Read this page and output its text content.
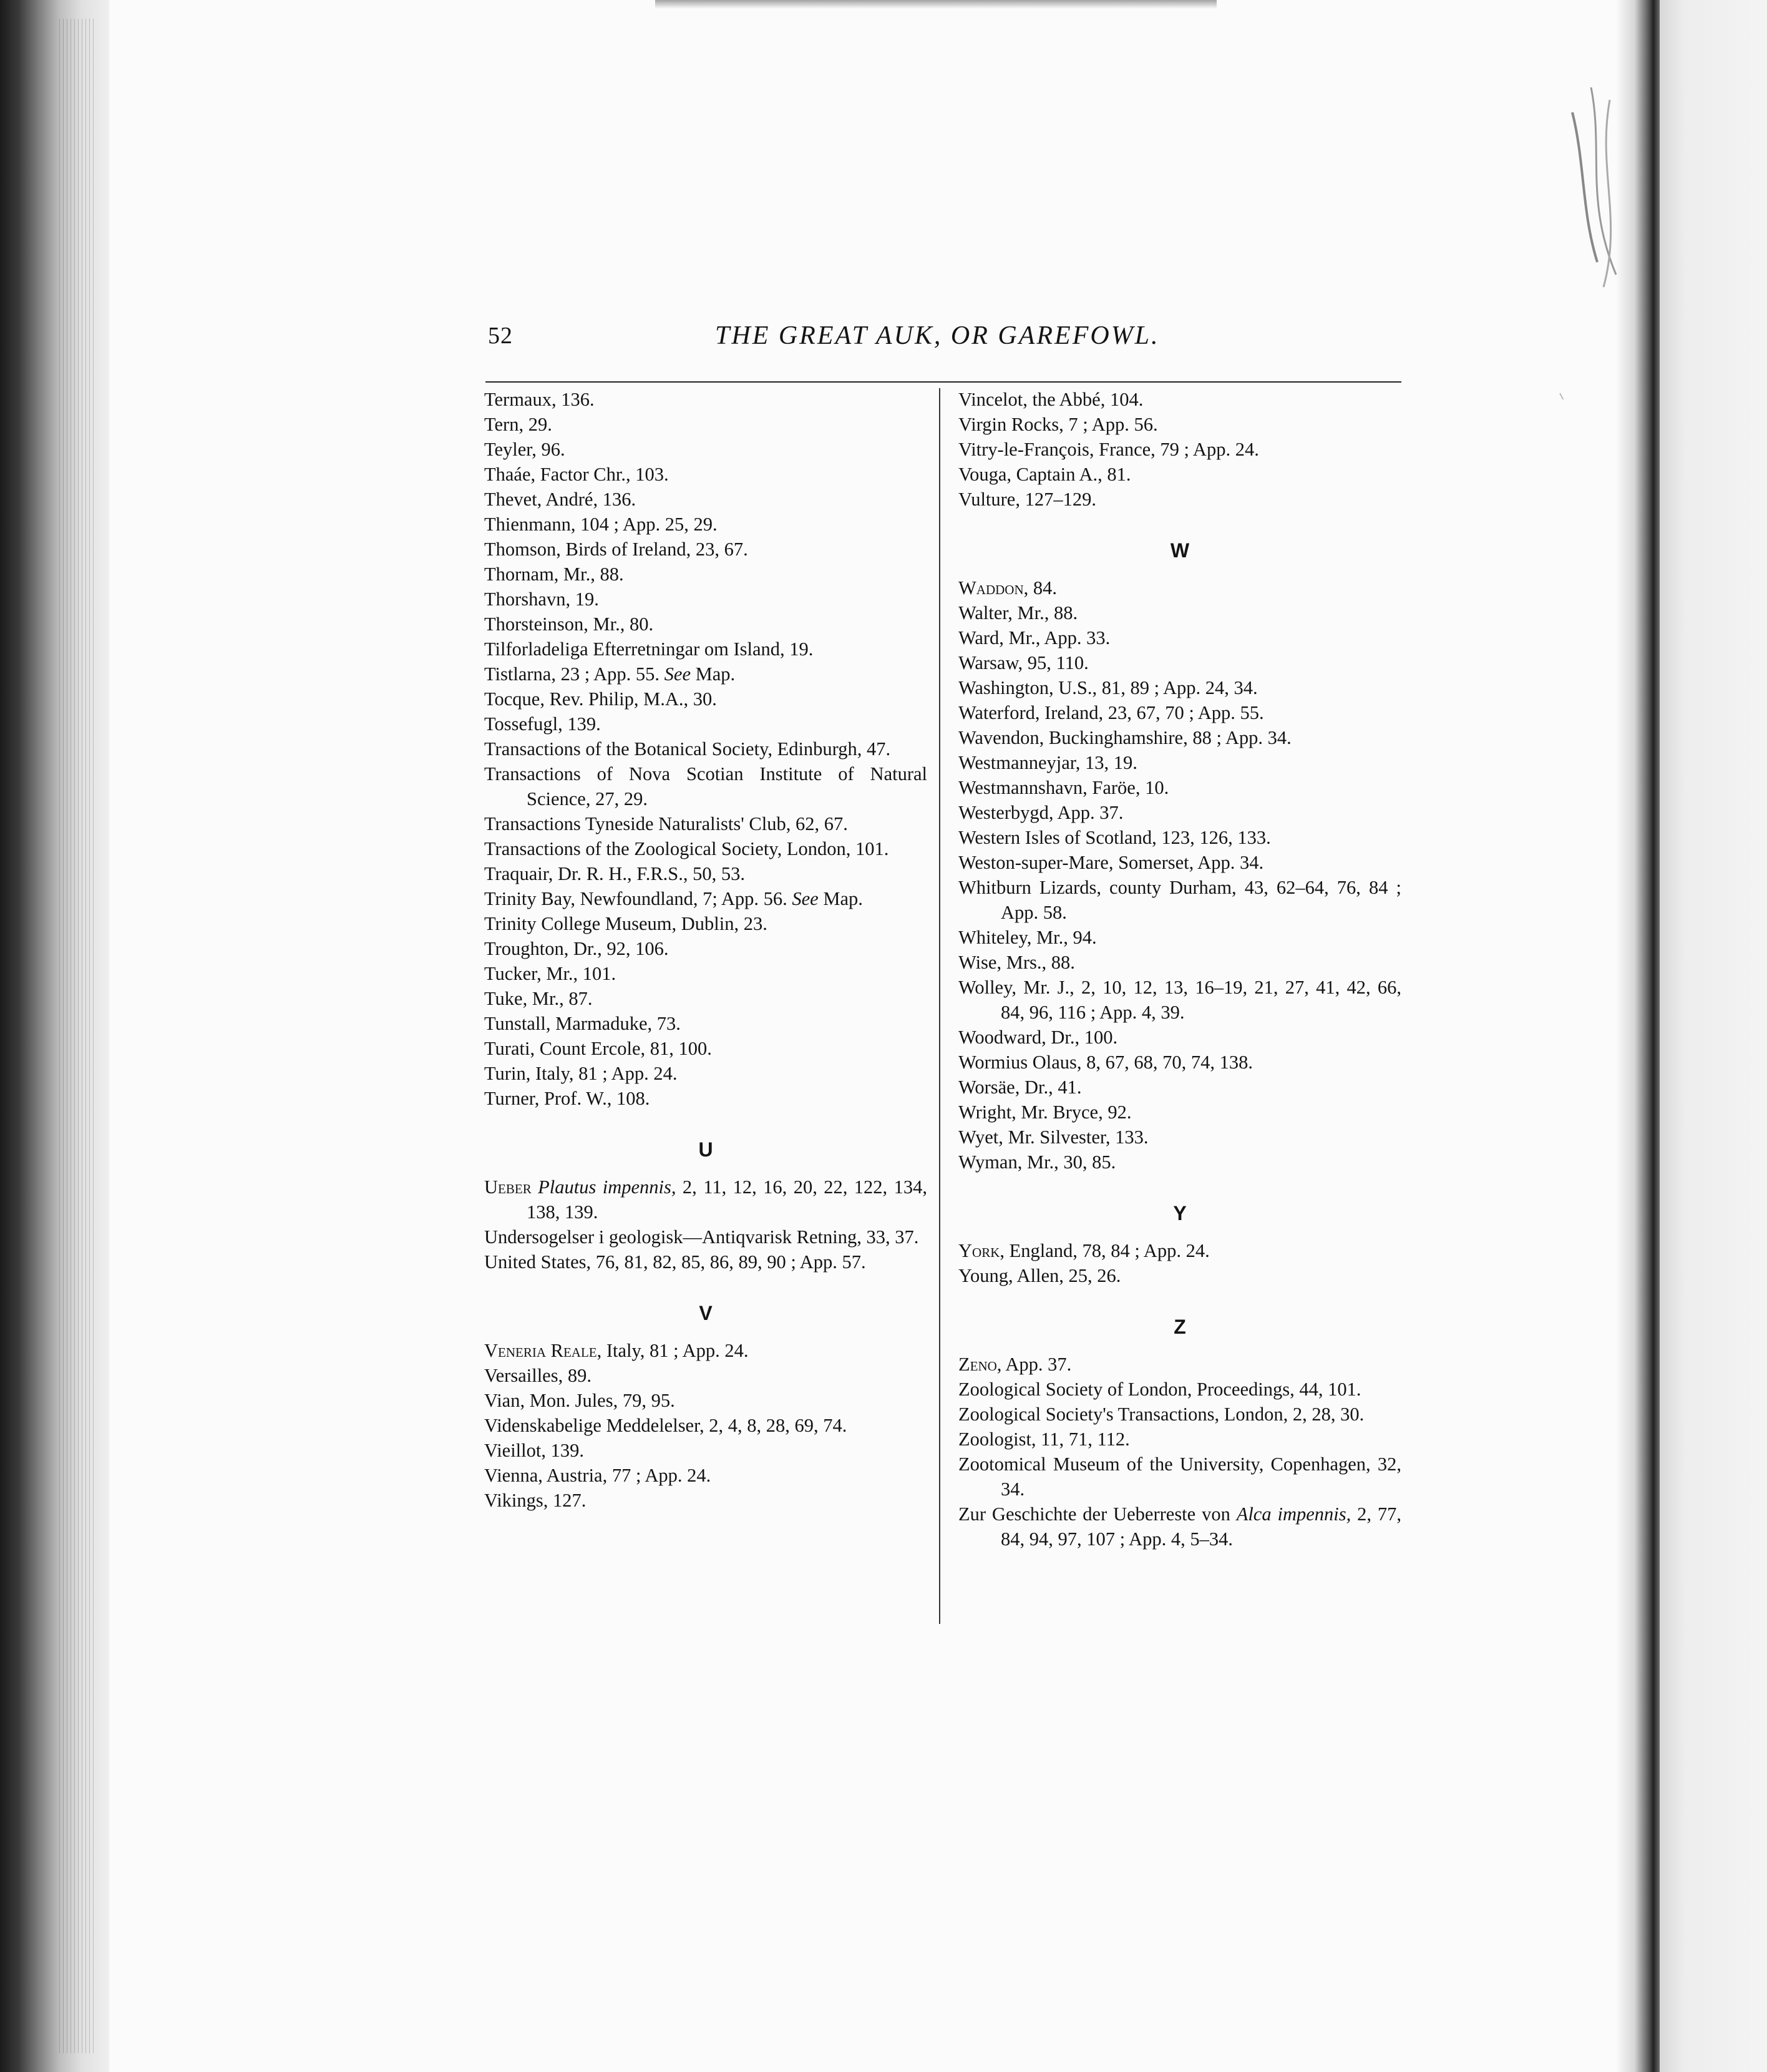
52	THE GREAT AUK, OR GAREFOWL.
Termaux, 136.
Tern, 29.
Teyler, 96.
Thaáe, Factor Chr., 103.
Thevet, André, 136.
Thienmann, 104 ; App. 25, 29.
Thomson, Birds of Ireland, 23, 67.
Thornam, Mr., 88.
Thorshavn, 19.
Thorsteinson, Mr., 80.
Tilforladeliga Efterretningar om Island, 19.
Tistlarna, 23 ; App. 55. See Map.
Tocque, Rev. Philip, M.A., 30.
Tossefugl, 139.
Transactions of the Botanical Society, Edinburgh, 47.
Transactions of Nova Scotian Institute of Natural Science, 27, 29.
Transactions Tyneside Naturalists' Club, 62, 67.
Transactions of the Zoological Society, London, 101.
Traquair, Dr. R. H., F.R.S., 50, 53.
Trinity Bay, Newfoundland, 7; App. 56. See Map.
Trinity College Museum, Dublin, 23.
Troughton, Dr., 92, 106.
Tucker, Mr., 101.
Tuke, Mr., 87.
Tunstall, Marmaduke, 73.
Turati, Count Ercole, 81, 100.
Turin, Italy, 81 ; App. 24.
Turner, Prof. W., 108.
U
Ueber Plautus impennis, 2, 11, 12, 16, 20, 22, 122, 134, 138, 139.
Undersogelser i geologisk—Antiqvarisk Retning, 33, 37.
United States, 76, 81, 82, 85, 86, 89, 90 ; App. 57.
V
Veneria Reale, Italy, 81 ; App. 24.
Versailles, 89.
Vian, Mon. Jules, 79, 95.
Videnskabelige Meddelelser, 2, 4, 8, 28, 69, 74.
Vieillot, 139.
Vienna, Austria, 77 ; App. 24.
Vikings, 127.
Vincelot, the Abbé, 104.
Virgin Rocks, 7 ; App. 56.
Vitry-le-François, France, 79 ; App. 24.
Vouga, Captain A., 81.
Vulture, 127–129.
W
Waddon, 84.
Walter, Mr., 88.
Ward, Mr., App. 33.
Warsaw, 95, 110.
Washington, U.S., 81, 89 ; App. 24, 34.
Waterford, Ireland, 23, 67, 70 ; App. 55.
Wavendon, Buckinghamshire, 88 ; App. 34.
Westmanneyjar, 13, 19.
Westmannshavn, Faröe, 10.
Westerbygd, App. 37.
Western Isles of Scotland, 123, 126, 133.
Weston-super-Mare, Somerset, App. 34.
Whitburn Lizards, county Durham, 43, 62–64, 76, 84 ; App. 58.
Whiteley, Mr., 94.
Wise, Mrs., 88.
Wolley, Mr. J., 2, 10, 12, 13, 16–19, 21, 27, 41, 42, 66, 84, 96, 116 ; App. 4, 39.
Woodward, Dr., 100.
Wormius Olaus, 8, 67, 68, 70, 74, 138.
Worsäe, Dr., 41.
Wright, Mr. Bryce, 92.
Wyet, Mr. Silvester, 133.
Wyman, Mr., 30, 85.
Y
York, England, 78, 84 ; App. 24.
Young, Allen, 25, 26.
Z
Zeno, App. 37.
Zoological Society of London, Proceedings, 44, 101.
Zoological Society's Transactions, London, 2, 28, 30.
Zoologist, 11, 71, 112.
Zootomical Museum of the University, Copenhagen, 32, 34.
Zur Geschichte der Ueberreste von Alca impennis, 2, 77, 84, 94, 97, 107 ; App. 4, 5–34.
